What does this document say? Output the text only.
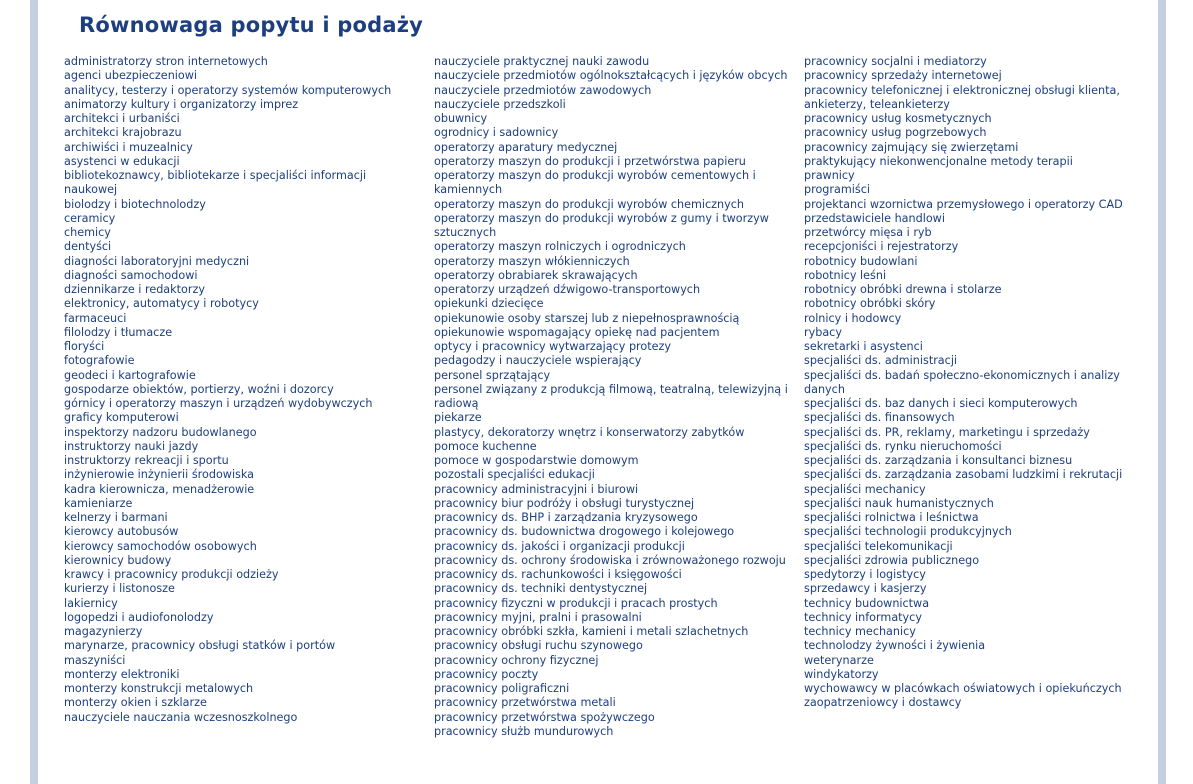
Równowaga popytu i podaży
administratorzy stron internetowych
agenci ubezpieczeniowi
analitycy, testerzy i operatorzy systemów komputerowych
animatorzy kultury i organizatorzy imprez
architekci i urbaniści
architekci krajobrazu
archiwiści i muzealnicy
asystenci w edukacji
bibliotekoznawcy, bibliotekarze i specjaliści informacji naukowej
biolodzy i biotechnolodzy
ceramicy
chemicy
dentyści
diagności laboratoryjni medyczni
diagności samochodowi
dziennikarze i redaktorzy
elektronicy, automatycy i robotycy
farmaceuci
filolodzy i tłumacze
floryści
fotografowie
geodeci i kartografowie
gospodarze obiektów, portierzy, woźni i dozorcy
górnicy i operatorzy maszyn i urządzeń wydobywczych
graficy komputerowi
inspektorzy nadzoru budowlanego
instruktorzy nauki jazdy
instruktorzy rekreacji i sportu
inżynierowie inżynierii środowiska
kadra kierownicza, menadżerowie
kamieniarze
kelnerzy i barmani
kierowcy autobusów
kierowcy samochodów osobowych
kierownicy budowy
krawcy i pracownicy produkcji odzieży
kurierzy i listonosze
lakiernicy
logopedzi i audiofonolodzy
magazynierzy
marynarze, pracownicy obsługi statków i portów
maszyniści
monterzy elektroniki
monterzy konstrukcji metalowych
monterzy okien i szklarze
nauczyciele nauczania wczesnoszkolnego
nauczyciele praktycznej nauki zawodu
nauczyciele przedmiotów ogólnokształcących i języków obcych
nauczyciele przedmiotów zawodowych
nauczyciele przedszkoli
obuwnicy
ogrodnicy i sadownicy
operatorzy aparatury medycznej
operatorzy maszyn do produkcji i przetwórstwa papieru
operatorzy maszyn do produkcji wyrobów cementowych i kamiennych
operatorzy maszyn do produkcji wyrobów chemicznych
operatorzy maszyn do produkcji wyrobów z gumy i tworzyw sztucznych
operatorzy maszyn rolniczych i ogrodniczych
operatorzy maszyn włókienniczych
operatorzy obrabiarek skrawających
operatorzy urządzeń dźwigowo-transportowych
opiekunki dziecięce
opiekunowie osoby starszej lub z niepełnosprawnością
opiekunowie wspomagający opiekę nad pacjentem
optycy i pracownicy wytwarzający protezy
pedagodzy i nauczyciele wspierający
personel sprzątający
personel związany z produkcją filmową, teatralną, telewizyjną i radiową
piekarze
plastycy, dekoratorzy wnętrz i konserwatorzy zabytków
pomoce kuchenne
pomoce w gospodarstwie domowym
pozostali specjaliści edukacji
pracownicy administracyjni i biurowi
pracownicy biur podróży i obsługi turystycznej
pracownicy ds. BHP i zarządzania kryzysowego
pracownicy ds. budownictwa drogowego i kolejowego
pracownicy ds. jakości i organizacji produkcji
pracownicy ds. ochrony środowiska i zrównoważonego rozwoju
pracownicy ds. rachunkowości i księgowości
pracownicy ds. techniki dentystycznej
pracownicy fizyczni w produkcji i pracach prostych
pracownicy myjni, pralni i prasowalni
pracownicy obróbki szkła, kamieni i metali szlachetnych
pracownicy obsługi ruchu szynowego
pracownicy ochrony fizycznej
pracownicy poczty
pracownicy poligraficzni
pracownicy przetwórstwa metali
pracownicy przetwórstwa spożywczego
pracownicy służb mundurowych
pracownicy socjalni i mediatorzy
pracownicy sprzedaży internetowej
pracownicy telefonicznej i elektronicznej obsługi klienta, ankieterzy, teleankieterzy
pracownicy usług kosmetycznych
pracownicy usług pogrzebowych
pracownicy zajmujący się zwierzętami
praktykujący niekonwencjonalne metody terapii
prawnicy
programiści
projektanci wzornictwa przemysłowego i operatorzy CAD
przedstawiciele handlowi
przetwórcy mięsa i ryb
recepcjoniści i rejestratorzy
robotnicy budowlani
robotnicy leśni
robotnicy obróbki drewna i stolarze
robotnicy obróbki skóry
rolnicy i hodowcy
rybacy
sekretarki i asystenci
specjaliści ds. administracji
specjaliści ds. badań społeczno-ekonomicznych i analizy danych
specjaliści ds. baz danych i sieci komputerowych
specjaliści ds. finansowych
specjaliści ds. PR, reklamy, marketingu i sprzedaży
specjaliści ds. rynku nieruchomości
specjaliści ds. zarządzania i konsultanci biznesu
specjaliści ds. zarządzania zasobami ludzkimi i rekrutacji
specjaliści mechanicy
specjaliści nauk humanistycznych
specjaliści rolnictwa i leśnictwa
specjaliści technologii produkcyjnych
specjaliści telekomunikacji
specjaliści zdrowia publicznego
spedytorzy i logistycy
sprzedawcy i kasjerzy
technicy budownictwa
technicy informatycy
technicy mechanicy
technolodzy żywności i żywienia
weterynarze
windykatorzy
wychowawcy w placówkach oświatowych i opiekuńczych
zaopatrzeniowcy i dostawcy
